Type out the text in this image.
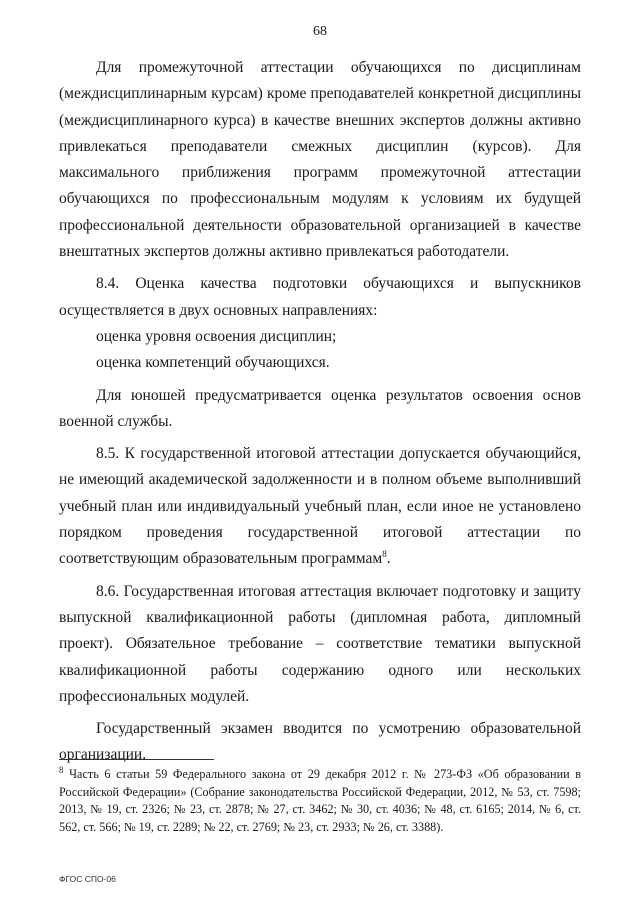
68

Для промежуточной аттестации обучающихся по дисциплинам (междисциплинарным курсам) кроме преподавателей конкретной дисциплины (междисциплинарного курса) в качестве внешних экспертов должны активно привлекаться преподаватели смежных дисциплин (курсов). Для максимального приближения программ промежуточной аттестации обучающихся по профессиональным модулям к условиям их будущей профессиональной деятельности образовательной организацией в качестве внештатных экспертов должны активно привлекаться работодатели.

8.4. Оценка качества подготовки обучающихся и выпускников осуществляется в двух основных направлениях:

оценка уровня освоения дисциплин;

оценка компетенций обучающихся.

Для юношей предусматривается оценка результатов освоения основ военной службы.

8.5. К государственной итоговой аттестации допускается обучающийся, не имеющий академической задолженности и в полном объеме выполнивший учебный план или индивидуальный учебный план, если иное не установлено порядком проведения государственной итоговой аттестации по соответствующим образовательным программам$^8$.

8.6. Государственная итоговая аттестация включает подготовку и защиту выпускной квалификационной работы (дипломная работа, дипломный проект). Обязательное требование – соответствие тематики выпускной квалификационной работы содержанию одного или нескольких профессиональных модулей.

Государственный экзамен вводится по усмотрению образовательной организации.

$^8$ Часть 6 статьи 59 Федерального закона от 29 декабря 2012 г. № 273-ФЗ «Об образовании в Российской Федерации» (Собрание законодательства Российской Федерации, 2012, № 53, ст. 7598; 2013, № 19, ст. 2326; № 23, ст. 2878; № 27, ст. 3462; № 30, ст. 4036; № 48, ст. 6165; 2014, № 6, ст. 562, ст. 566; № 19, ст. 2289; № 22, ст. 2769; № 23, ст. 2933; № 26, ст. 3388).

ФГОС СПО-06
